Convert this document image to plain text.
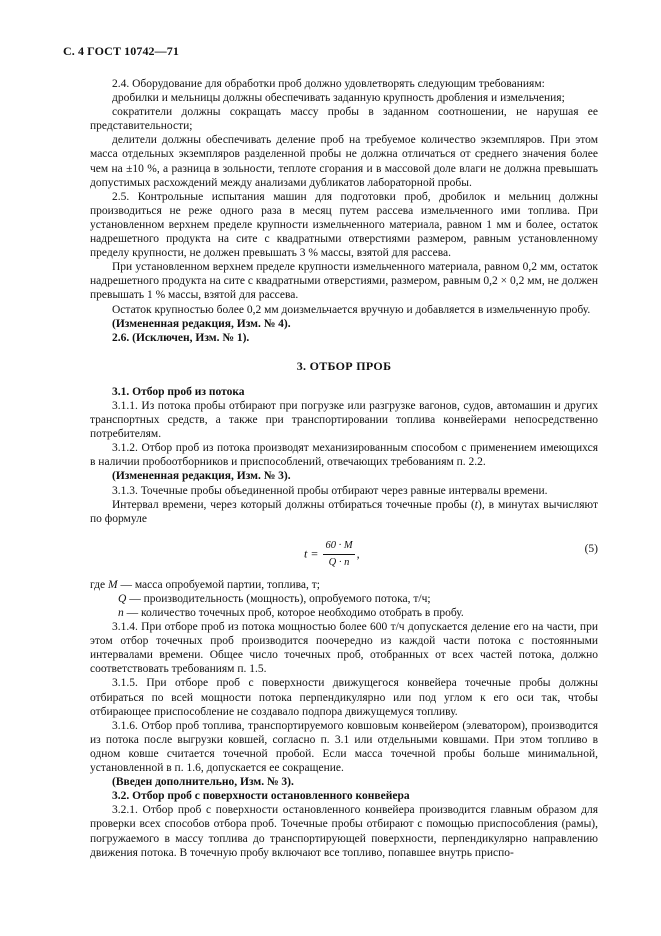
С. 4 ГОСТ 10742—71

2.4. Оборудование для обработки проб должно удовлетворять следующим требованиям:

дробилки и мельницы должны обеспечивать заданную крупность дробления и измельчения;

сократители должны сокращать массу пробы в заданном соотношении, не нарушая ее представительности;

делители должны обеспечивать деление проб на требуемое количество экземпляров. При этом масса отдельных экземпляров разделенной пробы не должна отличаться от среднего значения более чем на ±10 %, а разница в зольности, теплоте сгорания и в массовой доле влаги не должна превышать допустимых расхождений между анализами дубликатов лабораторной пробы.

2.5. Контрольные испытания машин для подготовки проб, дробилок и мельниц должны производиться не реже одного раза в месяц путем рассева измельченного ими топлива. При установленном верхнем пределе крупности измельченного материала, равном 1 мм и более, остаток надрешетного продукта на сите с квадратными отверстиями размером, равным установленному пределу крупности, не должен превышать 3 % массы, взятой для рассева.

При установленном верхнем пределе крупности измельченного материала, равном 0,2 мм, остаток надрешетного продукта на сите с квадратными отверстиями, размером, равным 0,2 × 0,2 мм, не должен превышать 1 % массы, взятой для рассева.

Остаток крупностью более 0,2 мм доизмельчается вручную и добавляется в измельченную пробу.

(Измененная редакция, Изм. № 4).

2.6. (Исключен, Изм. № 1).

3. ОТБОР ПРОБ

3.1. Отбор проб из потока

3.1.1. Из потока пробы отбирают при погрузке или разгрузке вагонов, судов, автомашин и других транспортных средств, а также при транспортировании топлива конвейерами непосредственно потребителям.

3.1.2. Отбор проб из потока производят механизированным способом с применением имеющихся в наличии пробоотборников и приспособлений, отвечающих требованиям п. 2.2.

(Измененная редакция, Изм. № 3).

3.1.3. Точечные пробы объединенной пробы отбирают через равные интервалы времени.

Интервал времени, через который должны отбираться точечные пробы (t), в минутах вычисляют по формуле

$t = \frac{60 \cdot M}{Q \cdot n}$ ,	(5)

где M — масса опробуемой партии, топлива, т;

Q — производительность (мощность), опробуемого потока, т/ч;

n — количество точечных проб, которое необходимо отобрать в пробу.

3.1.4. При отборе проб из потока мощностью более 600 т/ч допускается деление его на части, при этом отбор точечных проб производится поочередно из каждой части потока с постоянными интервалами времени. Общее число точечных проб, отобранных от всех частей потока, должно соответствовать требованиям п. 1.5.

3.1.5. При отборе проб с поверхности движущегося конвейера точечные пробы должны отбираться по всей мощности потока перпендикулярно или под углом к его оси так, чтобы отбирающее приспособление не создавало подпора движущемуся топливу.

3.1.6. Отбор проб топлива, транспортируемого ковшовым конвейером (элеватором), производится из потока после выгрузки ковшей, согласно п. 3.1 или отдельными ковшами. При этом топливо в одном ковше считается точечной пробой. Если масса точечной пробы больше минимальной, установленной в п. 1.6, допускается ее сокращение.

(Введен дополнительно, Изм. № 3).

3.2. Отбор проб с поверхности остановленного конвейера

3.2.1. Отбор проб с поверхности остановленного конвейера производится главным образом для проверки всех способов отбора проб. Точечные пробы отбирают с помощью приспособления (рамы), погружаемого в массу топлива до транспортирующей поверхности, перпендикулярно направлению движения потока. В точечную пробу включают все топливо, попавшее внутрь приспо-
